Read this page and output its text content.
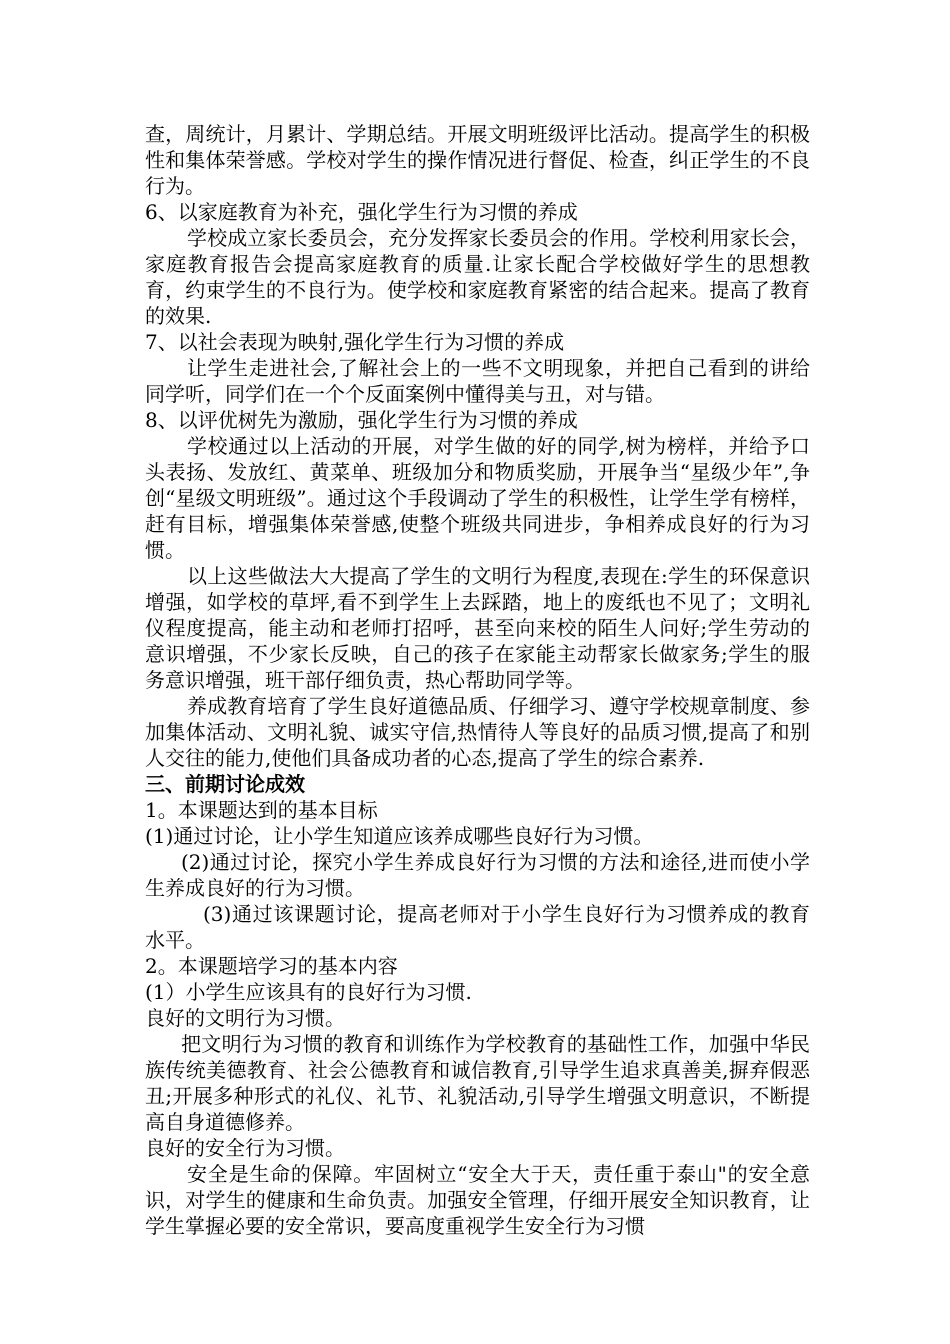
查，周统计，月累计、学期总结。开展文明班级评比活动。提高学生的积极性和集体荣誉感。学校对学生的操作情况进行督促、检查，纠正学生的不良行为。

6、以家庭教育为补充，强化学生行为习惯的养成

学校成立家长委员会，充分发挥家长委员会的作用。学校利用家长会，家庭教育报告会提高家庭教育的质量.让家长配合学校做好学生的思想教育，约束学生的不良行为。使学校和家庭教育紧密的结合起来。提高了教育的效果.

7、以社会表现为映射,强化学生行为习惯的养成

让学生走进社会,了解社会上的一些不文明现象，并把自己看到的讲给同学听，同学们在一个个反面案例中懂得美与丑，对与错。

8、以评优树先为激励，强化学生行为习惯的养成

学校通过以上活动的开展，对学生做的好的同学,树为榜样，并给予口头表扬、发放红、黄菜单、班级加分和物质奖励，开展争当“星级少年”,争创“星级文明班级”。通过这个手段调动了学生的积极性，让学生学有榜样，赶有目标，增强集体荣誉感,使整个班级共同进步，争相养成良好的行为习惯。

以上这些做法大大提高了学生的文明行为程度,表现在:学生的环保意识增强，如学校的草坪,看不到学生上去踩踏，地上的废纸也不见了；文明礼仪程度提高，能主动和老师打招呼，甚至向来校的陌生人问好;学生劳动的意识增强，不少家长反映，自己的孩子在家能主动帮家长做家务;学生的服务意识增强，班干部仔细负责，热心帮助同学等。

养成教育培育了学生良好道德品质、仔细学习、遵守学校规章制度、参加集体活动、文明礼貌、诚实守信,热情待人等良好的品质习惯,提高了和别人交往的能力,使他们具备成功者的心态,提高了学生的综合素养.

三、前期讨论成效

1。本课题达到的基本目标

(1)通过讨论，让小学生知道应该养成哪些良好行为习惯。

(2)通过讨论，探究小学生养成良好行为习惯的方法和途径,进而使小学生养成良好的行为习惯。

(3)通过该课题讨论，提高老师对于小学生良好行为习惯养成的教育水平。

2。本课题培学习的基本内容

(1）小学生应该具有的良好行为习惯.

良好的文明行为习惯。

把文明行为习惯的教育和训练作为学校教育的基础性工作，加强中华民族传统美德教育、社会公德教育和诚信教育,引导学生追求真善美,摒弃假恶丑;开展多种形式的礼仪、礼节、礼貌活动,引导学生增强文明意识，不断提高自身道德修养。

良好的安全行为习惯。

安全是生命的保障。牢固树立“安全大于天，责任重于泰山"的安全意识，对学生的健康和生命负责。加强安全管理，仔细开展安全知识教育，让学生掌握必要的安全常识，要高度重视学生安全行为习惯
